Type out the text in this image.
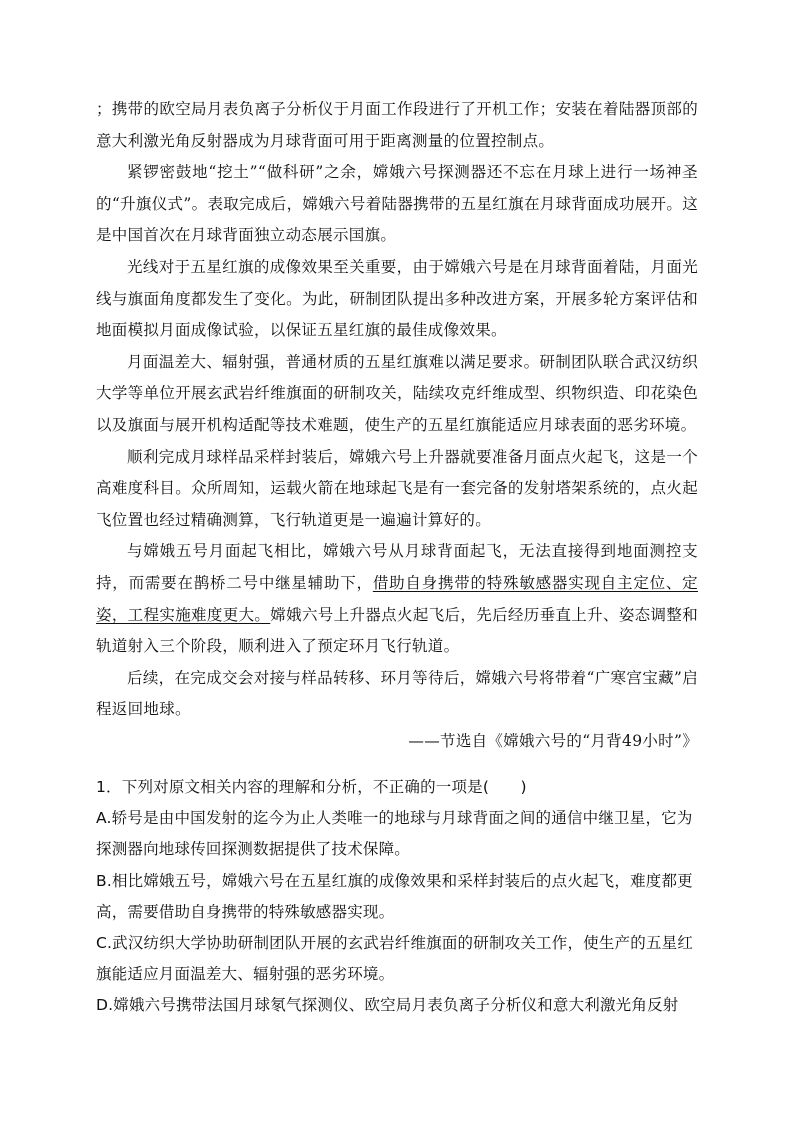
；携带的欧空局月表负离子分析仪于月面工作段进行了开机工作；安装在着陆器顶部的意大利激光角反射器成为月球背面可用于距离测量的位置控制点。

紧锣密鼓地“挖土”“做科研”之余，嫦娥六号探测器还不忘在月球上进行一场神圣的“升旗仪式”。表取完成后，嫦娥六号着陆器携带的五星红旗在月球背面成功展开。这是中国首次在月球背面独立动态展示国旗。

光线对于五星红旗的成像效果至关重要，由于嫦娥六号是在月球背面着陆，月面光线与旗面角度都发生了变化。为此，研制团队提出多种改进方案，开展多轮方案评估和地面模拟月面成像试验，以保证五星红旗的最佳成像效果。

月面温差大、辐射强，普通材质的五星红旗难以满足要求。研制团队联合武汉纺织大学等单位开展玄武岩纤维旗面的研制攻关，陆续攻克纤维成型、织物织造、印花染色以及旗面与展开机构适配等技术难题，使生产的五星红旗能适应月球表面的恶劣环境。

顺利完成月球样品采样封装后，嫦娥六号上升器就要准备月面点火起飞，这是一个高难度科目。众所周知，运载火箭在地球起飞是有一套完备的发射塔架系统的，点火起飞位置也经过精确测算，飞行轨道更是一遍遍计算好的。

与嫦娥五号月面起飞相比，嫦娥六号从月球背面起飞，无法直接得到地面测控支持，而需要在鹊桥二号中继星辅助下，借助自身携带的特殊敏感器实现自主定位、定姿，工程实施难度更大。嫦娥六号上升器点火起飞后，先后经历垂直上升、姿态调整和轨道射入三个阶段，顺利进入了预定环月飞行轨道。

后续，在完成交会对接与样品转移、环月等待后，嫦娥六号将带着“广寒宫宝藏”启程返回地球。

——节选自《嫦娥六号的“月背49小时”》

1．下列对原文相关内容的理解和分析，不正确的一项是(　　)

A.轿号是由中国发射的迄今为止人类唯一的地球与月球背面之间的通信中继卫星，它为探测器向地球传回探测数据提供了技术保障。

B.相比嫦娥五号，嫦娥六号在五星红旗的成像效果和采样封装后的点火起飞，难度都更高，需要借助自身携带的特殊敏感器实现。

C.武汉纺织大学协助研制团队开展的玄武岩纤维旗面的研制攻关工作，使生产的五星红旗能适应月面温差大、辐射强的恶劣环境。

D.嫦娥六号携带法国月球氡气探测仪、欧空局月表负离子分析仪和意大利激光角反射
